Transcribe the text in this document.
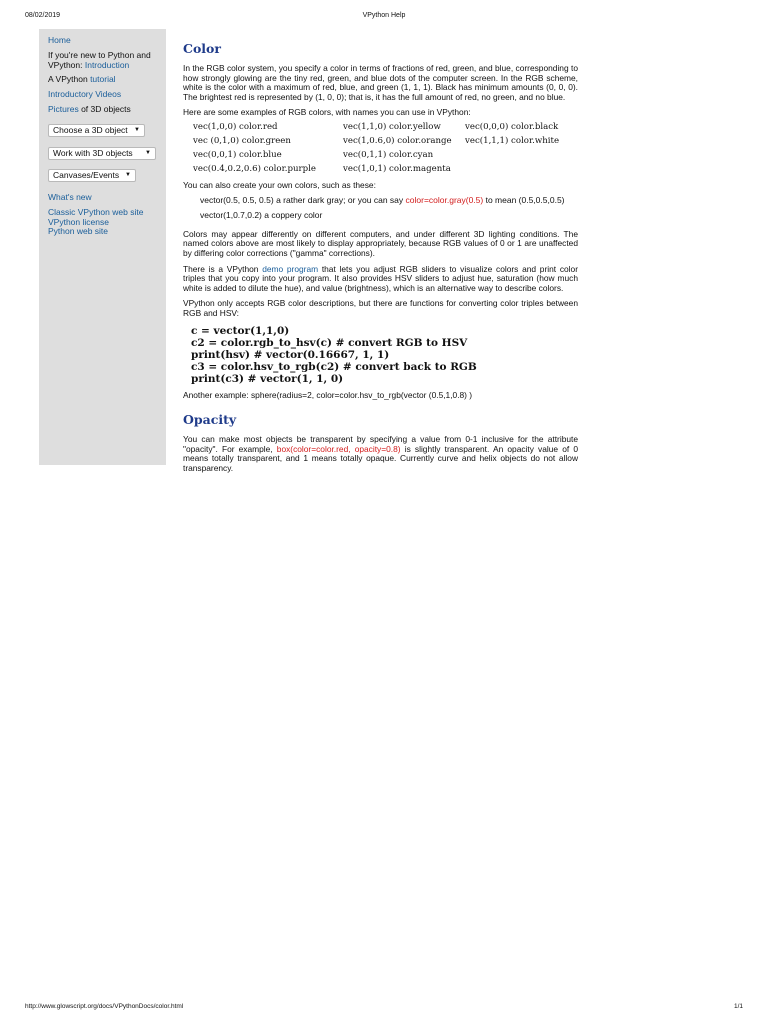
08/02/2019	VPython Help
Home
If you're new to Python and VPython: Introduction
A VPython tutorial
Introductory Videos
Pictures of 3D objects
Choose a 3D object ▼
Work with 3D objects ▼
Canvases/Events ▼
What's new
Classic VPython web site
VPython license
Python web site
Color

In the RGB color system, you specify a color in terms of fractions of red, green, and blue, corresponding to how strongly glowing are the tiny red, green, and blue dots of the computer screen. In the RGB scheme, white is the color with a maximum of red, blue, and green (1, 1, 1). Black has minimum amounts (0, 0, 0). The brightest red is represented by (1, 0, 0); that is, it has the full amount of red, no green, and no blue.

Here are some examples of RGB colors, with names you can use in VPython:

vec(1,0,0) color.red	vec(1,1,0) color.yellow	vec(0,0,0) color.black
vec (0,1,0) color.green	vec(1,0.6,0) color.orange	vec(1,1,1) color.white
vec(0,0,1) color.blue	vec(0,1,1) color.cyan	
vec(0.4,0.2,0.6) color.purple	vec(1,0,1) color.magenta	

You can also create your own colors, such as these:

vector(0.5, 0.5, 0.5) a rather dark gray; or you can say color=color.gray(0.5) to mean (0.5,0.5,0.5)
vector(1,0.7,0.2) a coppery color

Colors may appear differently on different computers, and under different 3D lighting conditions. The named colors above are most likely to display appropriately, because RGB values of 0 or 1 are unaffected by differing color corrections ("gamma" corrections).

There is a VPython demo program that lets you adjust RGB sliders to visualize colors and print color triples that you copy into your program. It also provides HSV sliders to adjust hue, saturation (how much white is added to dilute the hue), and value (brightness), which is an alternative way to describe colors.

VPython only accepts RGB color descriptions, but there are functions for converting color triples between RGB and HSV:

c = vector(1,1,0)
c2 = color.rgb_to_hsv(c) # convert RGB to HSV
print(hsv) # vector(0.16667, 1, 1)
c3 = color.hsv_to_rgb(c2) # convert back to RGB
print(c3) # vector(1, 1, 0)

Another example: sphere(radius=2, color=color.hsv_to_rgb(vector (0.5,1,0.8) )

Opacity

You can make most objects be transparent by specifying a value from 0-1 inclusive for the attribute "opacity". For example, box(color=color.red, opacity=0.8) is slightly transparent. An opacity value of 0 means totally transparent, and 1 means totally opaque. Currently curve and helix objects do not allow transparency.

http://www.glowscript.org/docs/VPythonDocs/color.html	1/1
